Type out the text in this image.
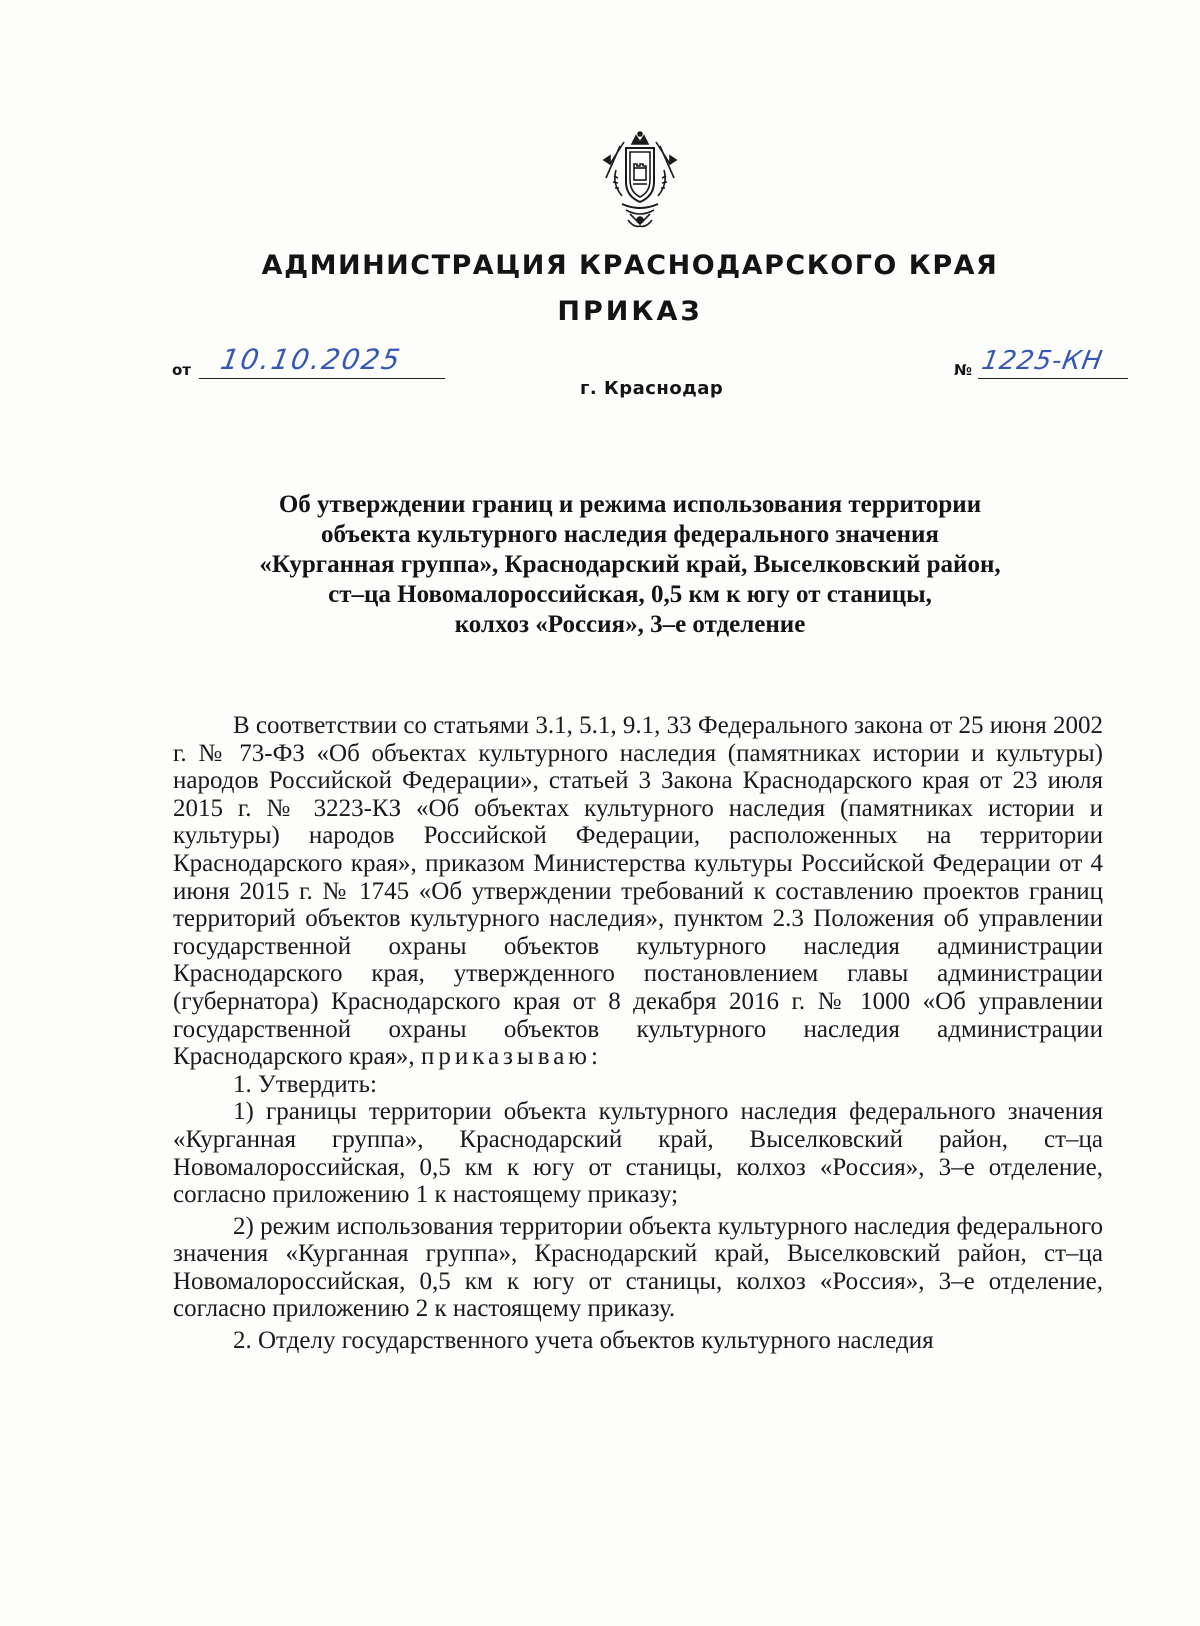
АДМИНИСТРАЦИЯ КРАСНОДАРСКОГО КРАЯ
ПРИКАЗ
от 10.10.2025	№ 1225-КН
г. Краснодар
Об утверждении границ и режима использования территории
объекта культурного наследия федерального значения
«Курганная группа», Краснодарский край, Выселковский район,
ст–ца Новомалороссийская, 0,5 км к югу от станицы,
колхоз «Россия», 3–е отделение

В соответствии со статьями 3.1, 5.1, 9.1, 33 Федерального закона от 25 июня 2002 г. № 73-ФЗ «Об объектах культурного наследия (памятниках истории и культуры) народов Российской Федерации», статьей 3 Закона Краснодарского края от 23 июля 2015 г. № 3223-КЗ «Об объектах культурного наследия (памятниках истории и культуры) народов Российской Федерации, расположенных на территории Краснодарского края», приказом Министерства культуры Российской Федерации от 4 июня 2015 г. № 1745 «Об утверждении требований к составлению проектов границ территорий объектов культурного наследия», пунктом 2.3 Положения об управлении государственной охраны объектов культурного наследия администрации Краснодарского края, утвержденного постановлением главы администрации (губернатора) Краснодарского края от 8 декабря 2016 г. № 1000 «Об управлении государственной охраны объектов культурного наследия администрации Краснодарского края», приказываю:

1. Утвердить:

1) границы территории объекта культурного наследия федерального значения «Курганная группа», Краснодарский край, Выселковский район, ст–ца Новомалороссийская, 0,5 км к югу от станицы, колхоз «Россия», 3–е отделение, согласно приложению 1 к настоящему приказу;

2) режим использования территории объекта культурного наследия федерального значения «Курганная группа», Краснодарский край, Выселковский район, ст–ца Новомалороссийская, 0,5 км к югу от станицы, колхоз «Россия», 3–е отделение, согласно приложению 2 к настоящему приказу.

2. Отделу государственного учета объектов культурного наследия
